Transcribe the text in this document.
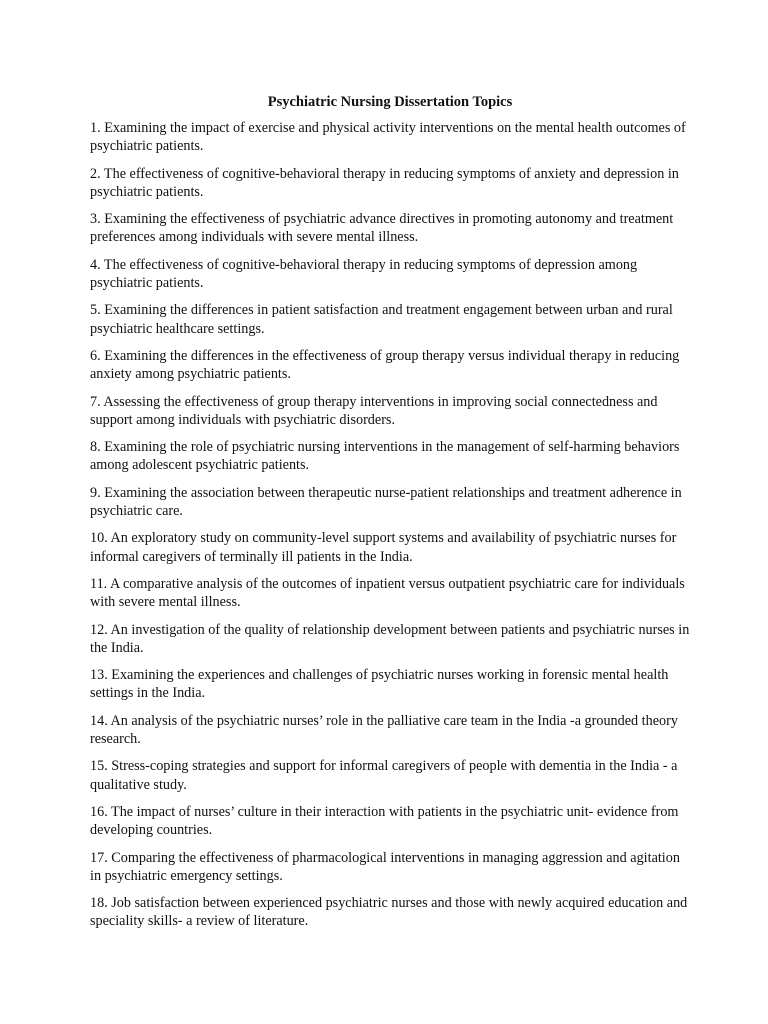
Psychiatric Nursing Dissertation Topics
1. Examining the impact of exercise and physical activity interventions on the mental health outcomes of psychiatric patients.
2. The effectiveness of cognitive-behavioral therapy in reducing symptoms of anxiety and depression in psychiatric patients.
3. Examining the effectiveness of psychiatric advance directives in promoting autonomy and treatment preferences among individuals with severe mental illness.
4. The effectiveness of cognitive-behavioral therapy in reducing symptoms of depression among psychiatric patients.
5. Examining the differences in patient satisfaction and treatment engagement between urban and rural psychiatric healthcare settings.
6. Examining the differences in the effectiveness of group therapy versus individual therapy in reducing anxiety among psychiatric patients.
7. Assessing the effectiveness of group therapy interventions in improving social connectedness and support among individuals with psychiatric disorders.
8. Examining the role of psychiatric nursing interventions in the management of self-harming behaviors among adolescent psychiatric patients.
9. Examining the association between therapeutic nurse-patient relationships and treatment adherence in psychiatric care.
10. An exploratory study on community-level support systems and availability of psychiatric nurses for informal caregivers of terminally ill patients in the India.
11. A comparative analysis of the outcomes of inpatient versus outpatient psychiatric care for individuals with severe mental illness.
12. An investigation of the quality of relationship development between patients and psychiatric nurses in the India.
13. Examining the experiences and challenges of psychiatric nurses working in forensic mental health settings in the India.
14. An analysis of the psychiatric nurses’ role in the palliative care team in the India -a grounded theory research.
15. Stress-coping strategies and support for informal caregivers of people with dementia in the India - a qualitative study.
16. The impact of nurses’ culture in their interaction with patients in the psychiatric unit- evidence from developing countries.
17. Comparing the effectiveness of pharmacological interventions in managing aggression and agitation in psychiatric emergency settings.
18. Job satisfaction between experienced psychiatric nurses and those with newly acquired education and speciality skills- a review of literature.
